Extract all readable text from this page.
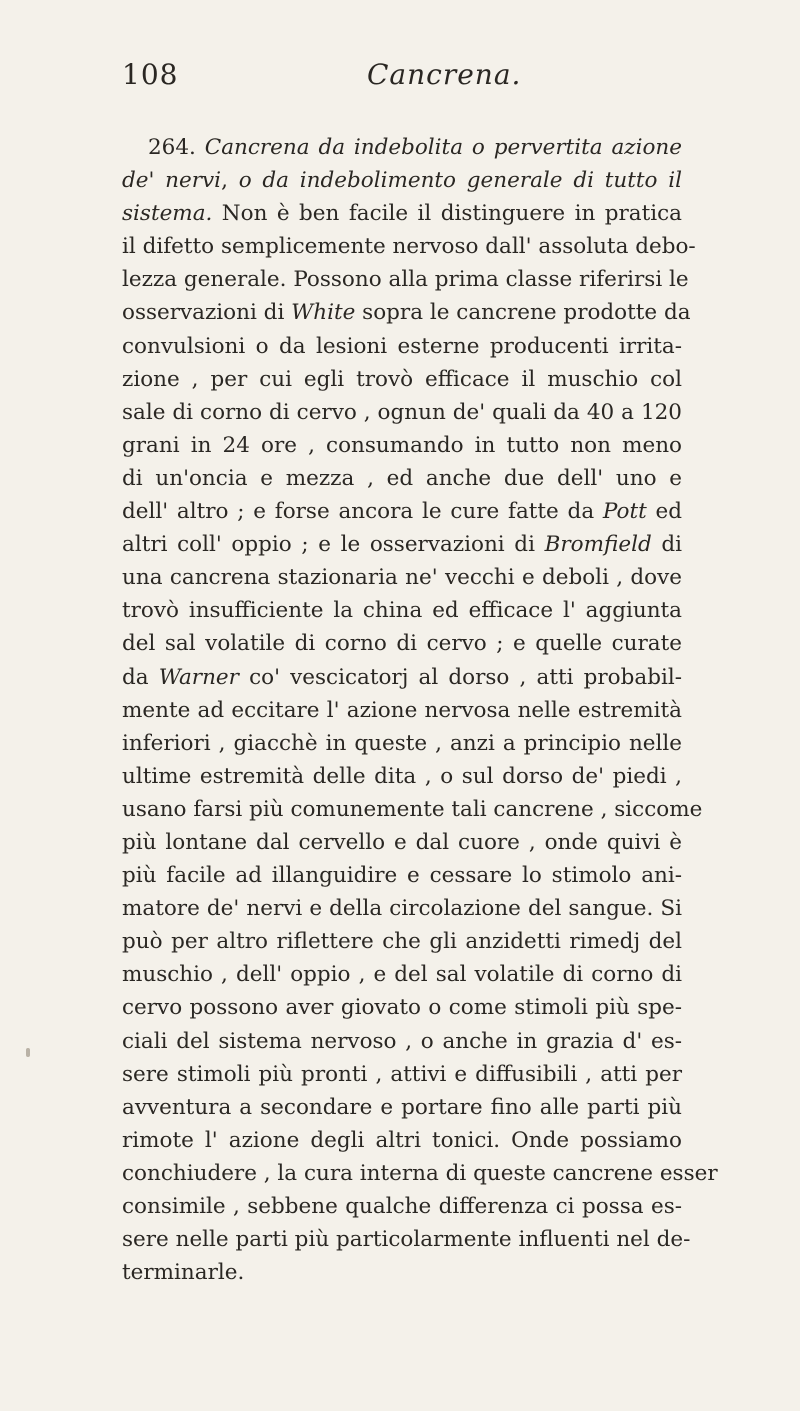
108	Cancrena.
264. Cancrena da indebolita o pervertita azione
de' nervi, o da indebolimento generale di tutto il
sistema. Non è ben facile il distinguere in pratica
il difetto semplicemente nervoso dall' assoluta debo-
lezza generale. Possono alla prima classe riferirsi le
osservazioni di White sopra le cancrene prodotte da
convulsioni o da lesioni esterne producenti irrita-
zione , per cui egli trovò efficace il muschio col
sale di corno di cervo , ognun de' quali da 40 a 120
grani in 24 ore , consumando in tutto non meno
di un'oncia e mezza , ed anche due dell' uno e
dell' altro ; e forse ancora le cure fatte da Pott ed
altri coll' oppio ; e le osservazioni di Bromfield di
una cancrena stazionaria ne' vecchi e deboli , dove
trovò insufficiente la china ed efficace l' aggiunta
del sal volatile di corno di cervo ; e quelle curate
da Warner co' vescicatorj al dorso , atti probabil-
mente ad eccitare l' azione nervosa nelle estremità
inferiori , giacchè in queste , anzi a principio nelle
ultime estremità delle dita , o sul dorso de' piedi ,
usano farsi più comunemente tali cancrene , siccome
più lontane dal cervello e dal cuore , onde quivi è
più facile ad illanguidire e cessare lo stimolo ani-
matore de' nervi e della circolazione del sangue. Si
può per altro riflettere che gli anzidetti rimedj del
muschio , dell' oppio , e del sal volatile di corno di
cervo possono aver giovato o come stimoli più spe-
ciali del sistema nervoso , o anche in grazia d' es-
sere stimoli più pronti , attivi e diffusibili , atti per
avventura a secondare e portare fino alle parti più
rimote l' azione degli altri tonici. Onde possiamo
conchiudere , la cura interna di queste cancrene esser
consimile , sebbene qualche differenza ci possa es-
sere nelle parti più particolarmente influenti nel de-
terminarle.
